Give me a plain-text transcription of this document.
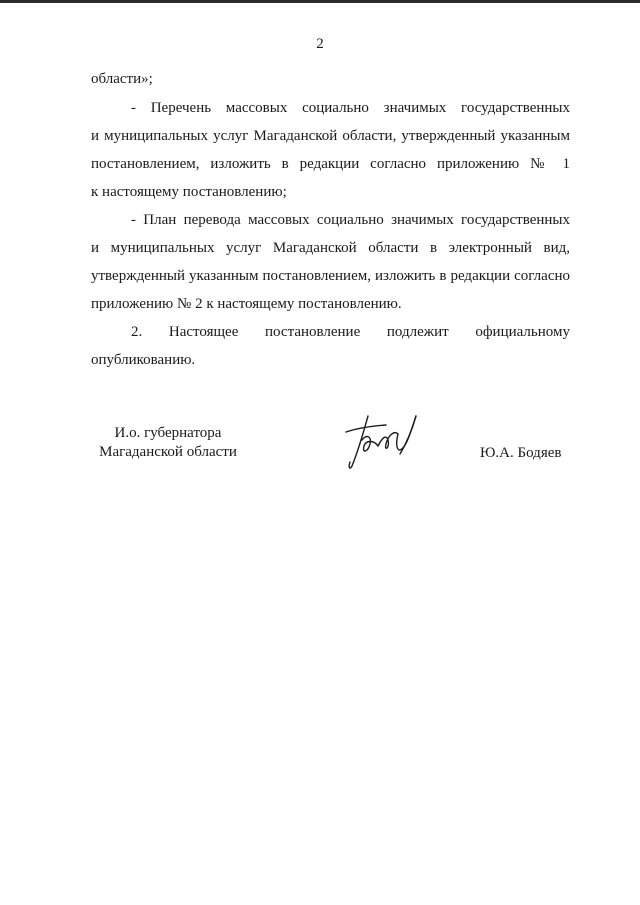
2
области»;
- Перечень массовых социально значимых государственных
и муниципальных услуг Магаданской области, утвержденный указанным
постановлением, изложить в редакции согласно приложению № 1
к настоящему постановлению;
- План перевода массовых социально значимых государственных
и муниципальных услуг Магаданской области в электронный вид,
утвержденный указанным постановлением, изложить в редакции согласно
приложению № 2 к настоящему постановлению.
2. Настоящее постановление подлежит официальному
опубликованию.
И.о. губернатора
Магаданской области	Ю.А. Бодяев
